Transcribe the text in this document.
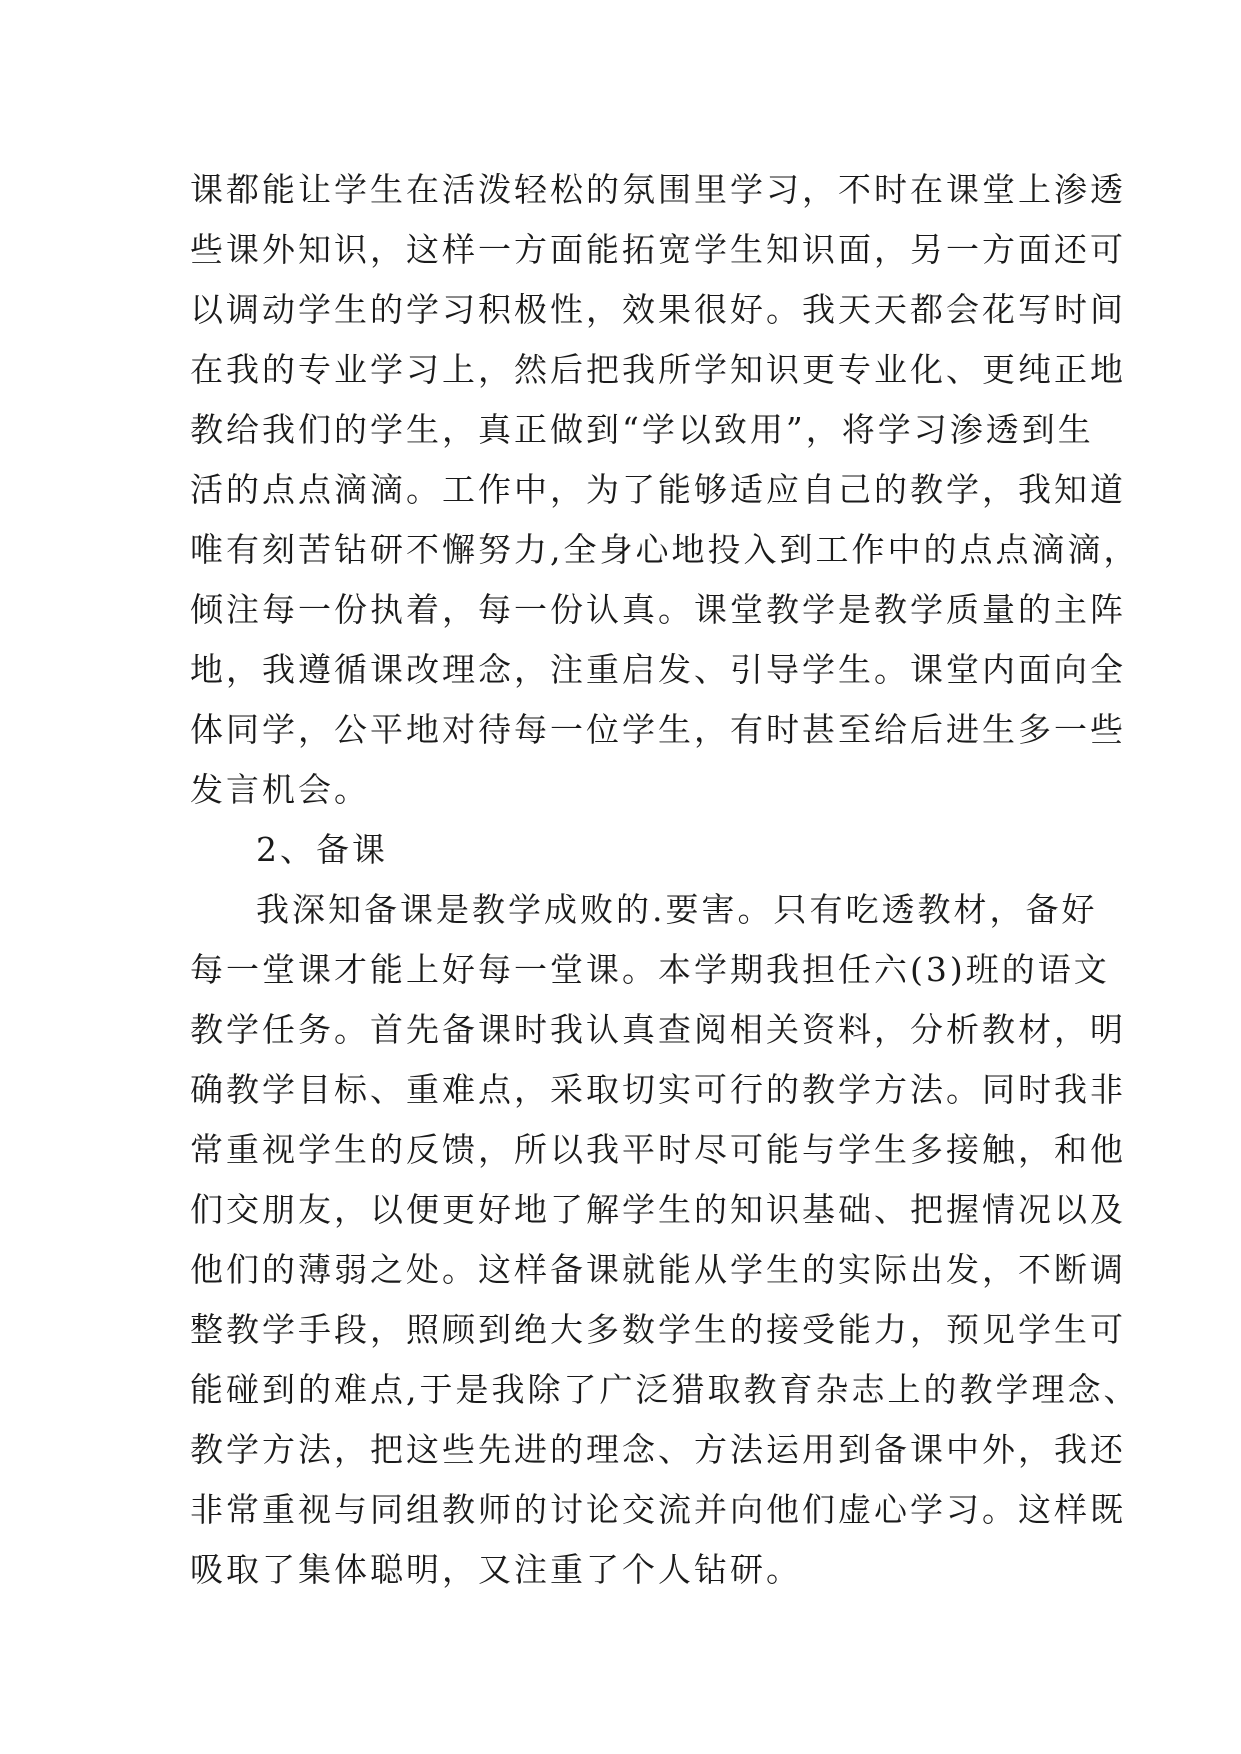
课都能让学生在活泼轻松的氛围里学习，不时在课堂上渗透
些课外知识，这样一方面能拓宽学生知识面，另一方面还可
以调动学生的学习积极性，效果很好。我天天都会花写时间
在我的专业学习上，然后把我所学知识更专业化、更纯正地
教给我们的学生，真正做到“学以致用”，将学习渗透到生
活的点点滴滴。工作中，为了能够适应自己的教学，我知道
唯有刻苦钻研不懈努力,全身心地投入到工作中的点点滴滴，
倾注每一份执着，每一份认真。课堂教学是教学质量的主阵
地，我遵循课改理念，注重启发、引导学生。课堂内面向全
体同学，公平地对待每一位学生，有时甚至给后进生多一些
发言机会。
2、备课
我深知备课是教学成败的.要害。只有吃透教材，备好
每一堂课才能上好每一堂课。本学期我担任六(3)班的语文
教学任务。首先备课时我认真查阅相关资料，分析教材，明
确教学目标、重难点，采取切实可行的教学方法。同时我非
常重视学生的反馈，所以我平时尽可能与学生多接触，和他
们交朋友，以便更好地了解学生的知识基础、把握情况以及
他们的薄弱之处。这样备课就能从学生的实际出发，不断调
整教学手段，照顾到绝大多数学生的接受能力，预见学生可
能碰到的难点,于是我除了广泛猎取教育杂志上的教学理念、
教学方法，把这些先进的理念、方法运用到备课中外，我还
非常重视与同组教师的讨论交流并向他们虚心学习。这样既
吸取了集体聪明，又注重了个人钻研。
